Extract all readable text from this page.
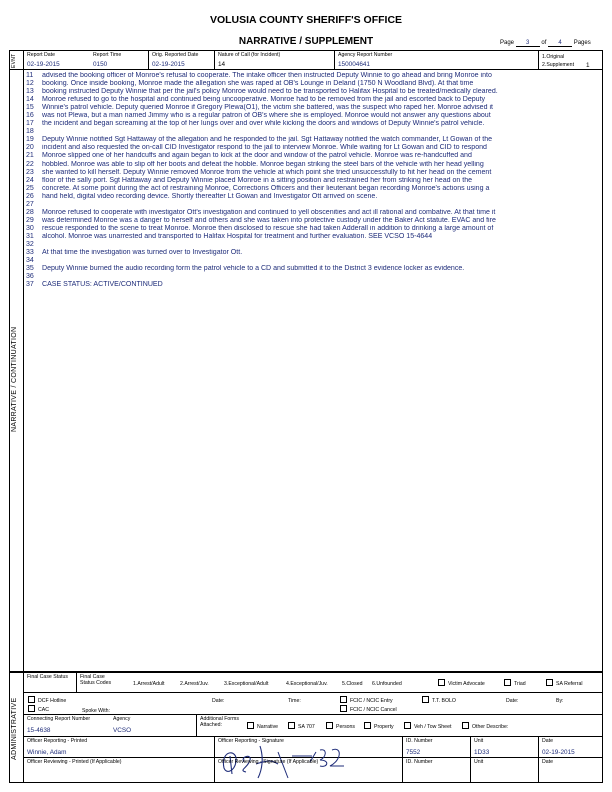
VOLUSIA COUNTY SHERIFF'S OFFICE
NARRATIVE / SUPPLEMENT	Page 3 of 4 Pages
EVNT Report Date
02-19-2015
Report Time
0150
Orig. Reported Date
02-19-2015
Nature of Call (for Incident)
14
Agency Report Number
150004641
1.Original
2.Supplement 1
NARRATIVE / CONTINUATION
11	advised the booking officer of Monroe's refusal to cooperate. The intake officer then instructed Deputy Winnie to go ahead and bring Monroe into
12	booking. Once inside booking, Monroe made the allegation she was raped at OB's Lounge in Deland (1750 N Woodland Blvd). At that time
13	booking instructed Deputy Winnie that per the jail's policy Monroe would need to be transported to Halifax Hospital to be treated/medically cleared.
14	Monroe refused to go to the hospital and continued being uncooperative. Monroe had to be removed from the jail and escorted back to Deputy
15	Winnie's patrol vehicle. Deputy queried Monroe if Gregory Plewa(O1), the victim she battered, was the suspect who raped her. Monroe advised it
16	was not Plewa, but a man named Jimmy who is a regular patron of OB's where she is employed. Monroe would not answer any questions about
17	the incident and began screaming at the top of her lungs over and over while kicking the doors and windows of Deputy Winnie's patrol vehicle.
18
19	Deputy Winnie notified Sgt Hattaway of the allegation and he responded to the jail. Sgt Hattaway notified the watch commander, Lt Gowan of the
20	incident and also requested the on-call CID Investigator respond to the jail to interview Monroe. While waiting for Lt Gowan and CID to respond
21	Monroe slipped one of her handcuffs and again began to kick at the door and window of the patrol vehicle. Monroe was re-handcuffed and
22	hobbled. Monroe was able to slip off her boots and defeat the hobble. Monroe began striking the steel bars of the vehicle with her head yelling
23	she wanted to kill herself. Deputy Winnie removed Monroe from the vehicle at which point she tried unsuccessfully to hit her head on the cement
24	floor of the sally port. Sgt Hattaway and Deputy Winnie placed Monroe in a sitting position and restrained her from striking her head on the
25	concrete. At some point during the act of restraining Monroe, Corrections Officers and their lieutenant began recording Monroe's actions using a
26	hand held, digital video recording device. Shortly thereafter Lt Gowan and Investigator Ott arrived on scene.
27
28	Monroe refused to cooperate with investigator Ott's investigation and continued to yell obscenities and act ill rational and combative. At that time it
29	was determined Monroe was a danger to herself and others and she was taken into protective custody under the Baker Act statute. EVAC and fire
30	rescue responded to the scene to treat Monroe. Monroe then disclosed to rescue she had taken Adderall in addition to drinking a large amount of
31	alcohol. Monroe was unarrested and transported to Halifax Hospital for treatment and further evaluation. SEE VCSO 15-4644
32
33	At that time the investigation was turned over to Investigator Ott.
34
35	Deputy Winnie burned the audio recording form the patrol vehicle to a CD and submitted it to the District 3 evidence locker as evidence.
36
37	CASE STATUS: ACTIVE/CONTINUED
ADMINISTRATIVE
Final Case Status	Final Case Status Codes	1.Arrest/Adult	2.Arrest/Juv.	3.Exceptional/Adult	4.Exceptional/Juv.	5.Closed 6.Unfounded	Victim Advocate	Triad	SA Referral
DCF Hotline
CAC	Spoke With:
Date:	Time:	FCIC / NCIC Entry
FCIC / NCIC Cancel
T.T. BOLO	Date:	By:
Connecting Report Number
15-4638
Agency
VCSO
Additional Forms Attached:	Narrative	SA 707	Persons	Property	Veh / Tow Sheet	Other Describe:
Officer Reporting - Printed
Winnie, Adam
Officer Reporting - Signature	ID. Number
7552
Unit
1D33
Date
02-19-2015
Officer Reviewing - Printed (If Applicable)	Officer Reviewing - Signature (If Applicable)	ID. Number	Unit	Date
